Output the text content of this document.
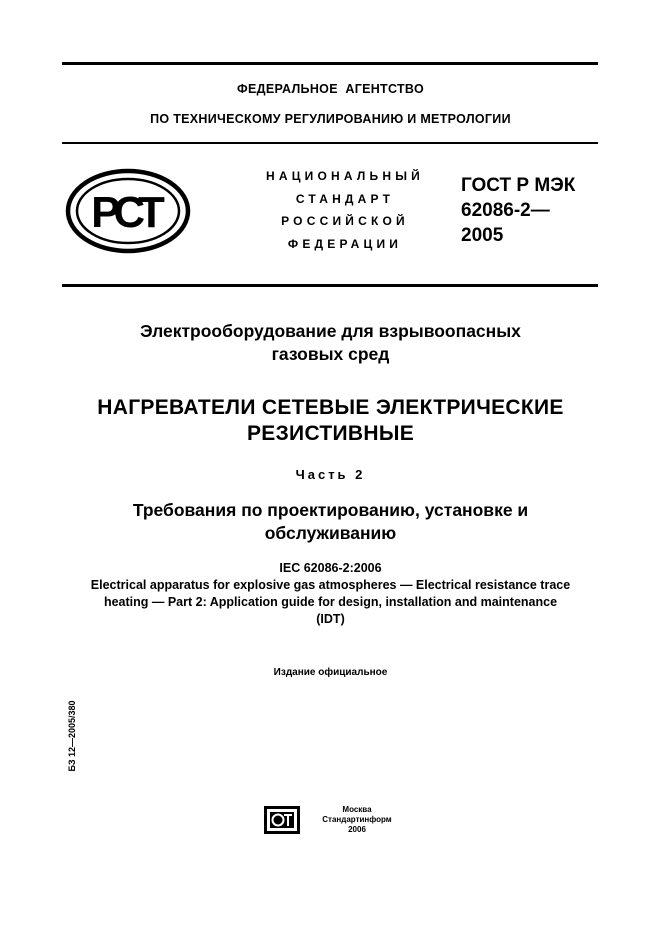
ФЕДЕРАЛЬНОЕ  АГЕНТСТВО
ПО ТЕХНИЧЕСКОМУ РЕГУЛИРОВАНИЮ И МЕТРОЛОГИИ
РСТ
НАЦИОНАЛЬНЫЙ
СТАНДАРТ
РОССИЙСКОЙ
ФЕДЕРАЦИИ
ГОСТ Р МЭК
62086-2—
2005
Электрооборудование для взрывоопасных
газовых сред
НАГРЕВАТЕЛИ СЕТЕВЫЕ ЭЛЕКТРИЧЕСКИЕ
РЕЗИСТИВНЫЕ
Часть 2
Требования по проектированию, установке и
обслуживанию
IEC 62086-2:2006
Electrical apparatus for explosive gas atmospheres — Electrical resistance trace
heating — Part 2: Application guide for design, installation and maintenance
(IDT)
Издание официальное
БЗ 12—2005/380
Москва
Стандартинформ
2006
